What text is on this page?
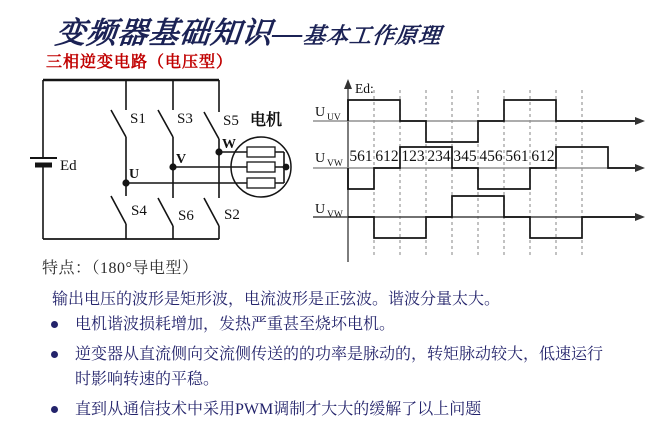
变频器基础知识—基本工作原理
三相逆变电路（电压型）
Ed
S1 S3 S5
S4 S6 S2
U
V
W
电机
Ed:
U UV
U VW
U VW
561 612 123 234 345 456 561 612
特点：（180°导电型）
输出电压的波形是矩形波，电流波形是正弦波。谐波分量太大。
电机谐波损耗增加，发热严重甚至烧坏电机。
逆变器从直流侧向交流侧传送的的功率是脉动的，转矩脉动较大，低速运行时影响转速的平稳。
直到从通信技术中采用PWM调制才大大的缓解了以上问题
